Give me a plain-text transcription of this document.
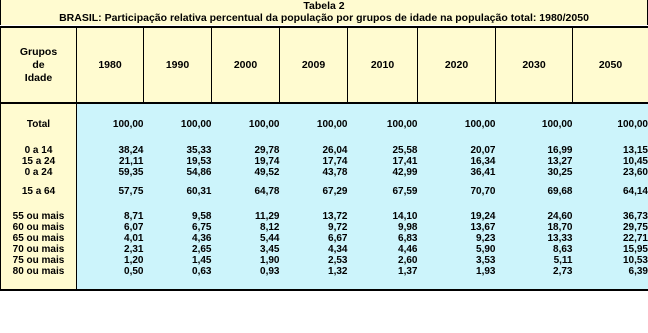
Tabela 2
BRASIL: Participação relativa percentual da população por grupos de idade na população total: 1980/2050
Grupos
de
Idade	1980	1990	2000	2009	2010	2020	2030	2050

Total	100,00	100,00	100,00	100,00	100,00	100,00	100,00	100,00

0 a 14	38,24	35,33	29,78	26,04	25,58	20,07	16,99	13,15
15 a 24	21,11	19,53	19,74	17,74	17,41	16,34	13,27	10,45
0 a 24	59,35	54,86	49,52	43,78	42,99	36,41	30,25	23,60

15 a 64	57,75	60,31	64,78	67,29	67,59	70,70	69,68	64,14

55 ou mais	8,71	9,58	11,29	13,72	14,10	19,24	24,60	36,73
60 ou mais	6,07	6,75	8,12	9,72	9,98	13,67	18,70	29,75
65 ou mais	4,01	4,36	5,44	6,67	6,83	9,23	13,33	22,71
70 ou mais	2,31	2,65	3,45	4,34	4,46	5,90	8,63	15,95
75 ou mais	1,20	1,45	1,90	2,53	2,60	3,53	5,11	10,53
80 ou mais	0,50	0,63	0,93	1,32	1,37	1,93	2,73	6,39
